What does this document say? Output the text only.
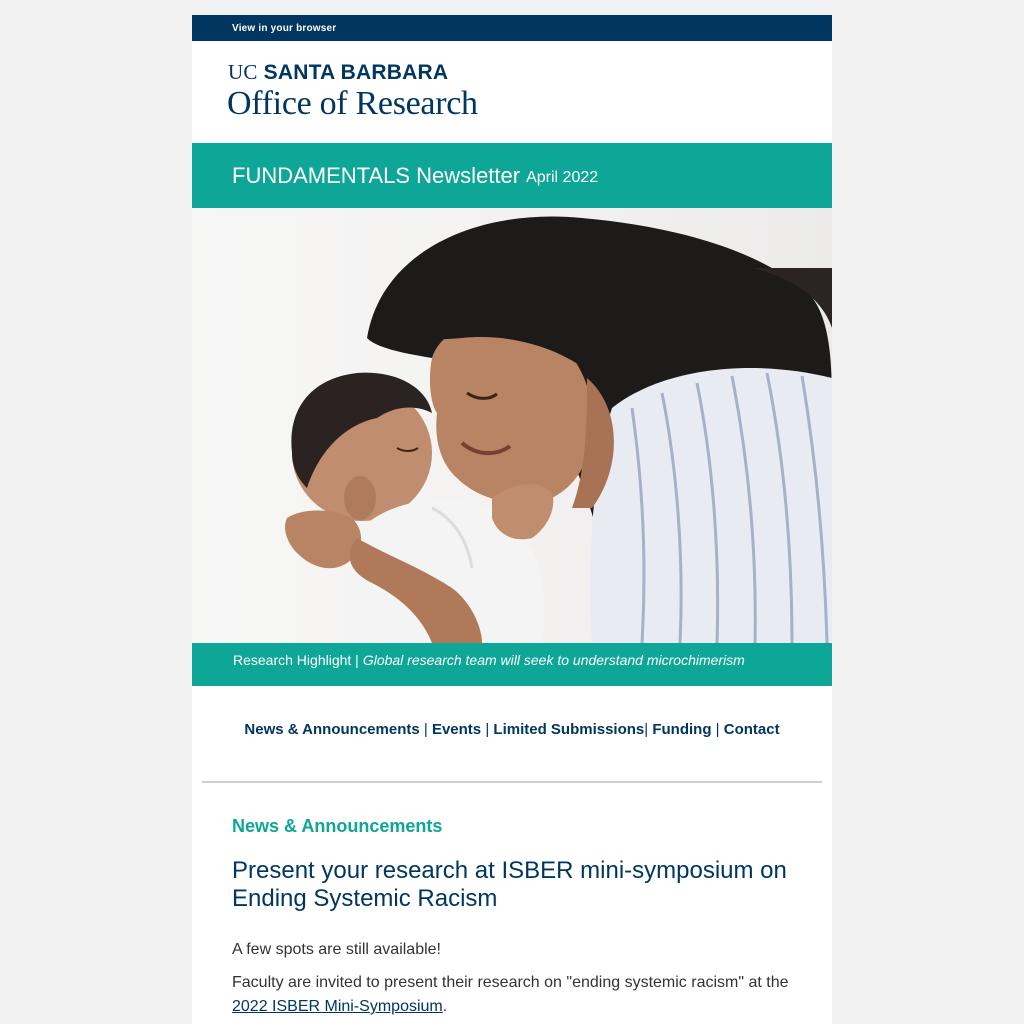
View in your browser
UC SANTA BARBARA
Office of Research
FUNDAMENTALS Newsletter April 2022
Research Highlight | Global research team will seek to understand microchimerism
News & Announcements | Events | Limited Submissions| Funding | Contact
News & Announcements
Present your research at ISBER mini-symposium on Ending Systemic Racism
A few spots are still available!
Faculty are invited to present their research on "ending systemic racism" at the 2022 ISBER Mini-Symposium.
